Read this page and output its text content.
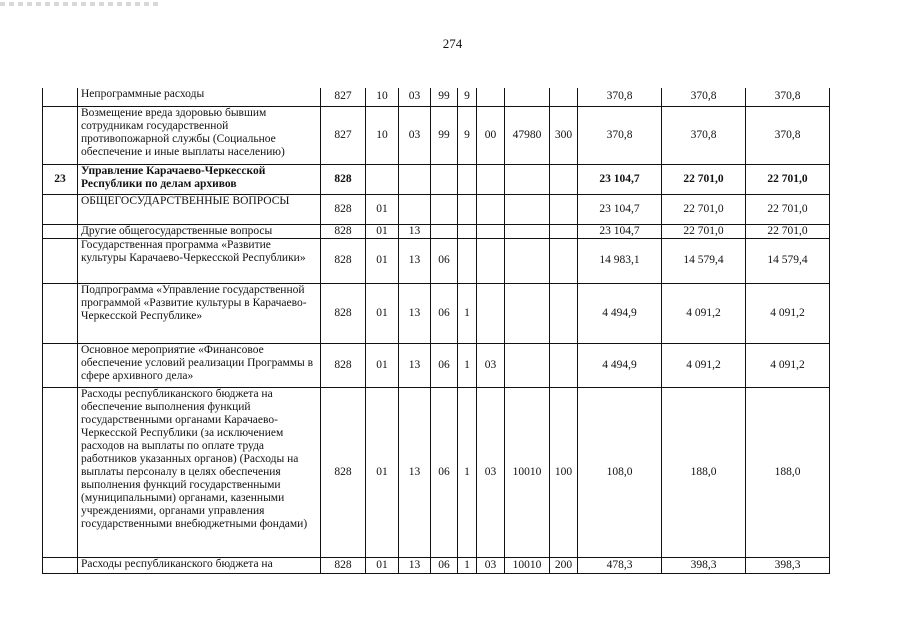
274
	Непрограммные расходы	827	10	03	99	9				370,8	370,8	370,8
	Возмещение вреда здоровью бывшим сотрудникам государственной противопожарной службы (Социальное обеспечение и иные выплаты населению)	827	10	03	99	9	00	47980	300	370,8	370,8	370,8
23	Управление Карачаево-Черкесской Республики по делам архивов	828								23 104,7	22 701,0	22 701,0
	ОБЩЕГОСУДАРСТВЕННЫЕ ВОПРОСЫ	828	01							23 104,7	22 701,0	22 701,0
	Другие общегосударственные вопросы	828	01	13						23 104,7	22 701,0	22 701,0
	Государственная программа «Развитие культуры Карачаево-Черкесской Республики»	828	01	13	06					14 983,1	14 579,4	14 579,4
	Подпрограмма «Управление государственной программой «Развитие культуры в Карачаево-Черкесской Республике»	828	01	13	06	1				4 494,9	4 091,2	4 091,2
	Основное мероприятие «Финансовое обеспечение условий реализации Программы в сфере архивного дела»	828	01	13	06	1	03			4 494,9	4 091,2	4 091,2
	Расходы республиканского бюджета на обеспечение выполнения функций государственными органами Карачаево-Черкесской Республики (за исключением расходов на выплаты по оплате труда работников указанных органов) (Расходы на выплаты персоналу в целях обеспечения выполнения функций государственными (муниципальными) органами, казенными учреждениями, органами управления государственными внебюджетными фондами)	828	01	13	06	1	03	10010	100	108,0	188,0	188,0
	Расходы республиканского бюджета на	828	01	13	06	1	03	10010	200	478,3	398,3	398,3
